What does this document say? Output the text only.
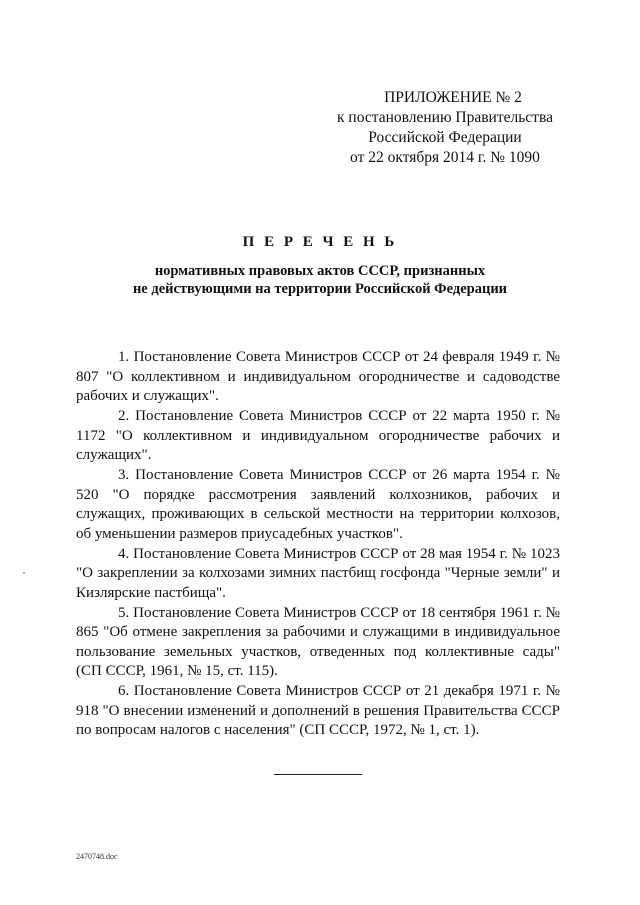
ПРИЛОЖЕНИЕ № 2
к постановлению Правительства
Российской Федерации
от 22 октября 2014 г. № 1090
П Е Р Е Ч Е Н Ь
нормативных правовых актов СССР, признанных
не действующими на территории Российской Федерации

1. Постановление Совета Министров СССР от 24 февраля 1949 г. № 807 "О коллективном и индивидуальном огородничестве и садоводстве рабочих и служащих".

2. Постановление Совета Министров СССР от 22 марта 1950 г. № 1172 "О коллективном и индивидуальном огородничестве рабочих и служащих".

3. Постановление Совета Министров СССР от 26 марта 1954 г. № 520 "О порядке рассмотрения заявлений колхозников, рабочих и служащих, проживающих в сельской местности на территории колхозов, об уменьшении размеров приусадебных участков".

4. Постановление Совета Министров СССР от 28 мая 1954 г. № 1023 "О закреплении за колхозами зимних пастбищ госфонда "Черные земли" и Кизлярские пастбища".

5. Постановление Совета Министров СССР от 18 сентября 1961 г. № 865 "Об отмене закрепления за рабочими и служащими в индивидуальное пользование земельных участков, отведенных под коллективные сады" (СП СССР, 1961, № 15, ст. 115).

6. Постановление Совета Министров СССР от 21 декабря 1971 г. № 918 "О внесении изменений и дополнений в решения Правительства СССР по вопросам налогов с населения" (СП СССР, 1972, № 1, ст. 1).

2470748.doc
